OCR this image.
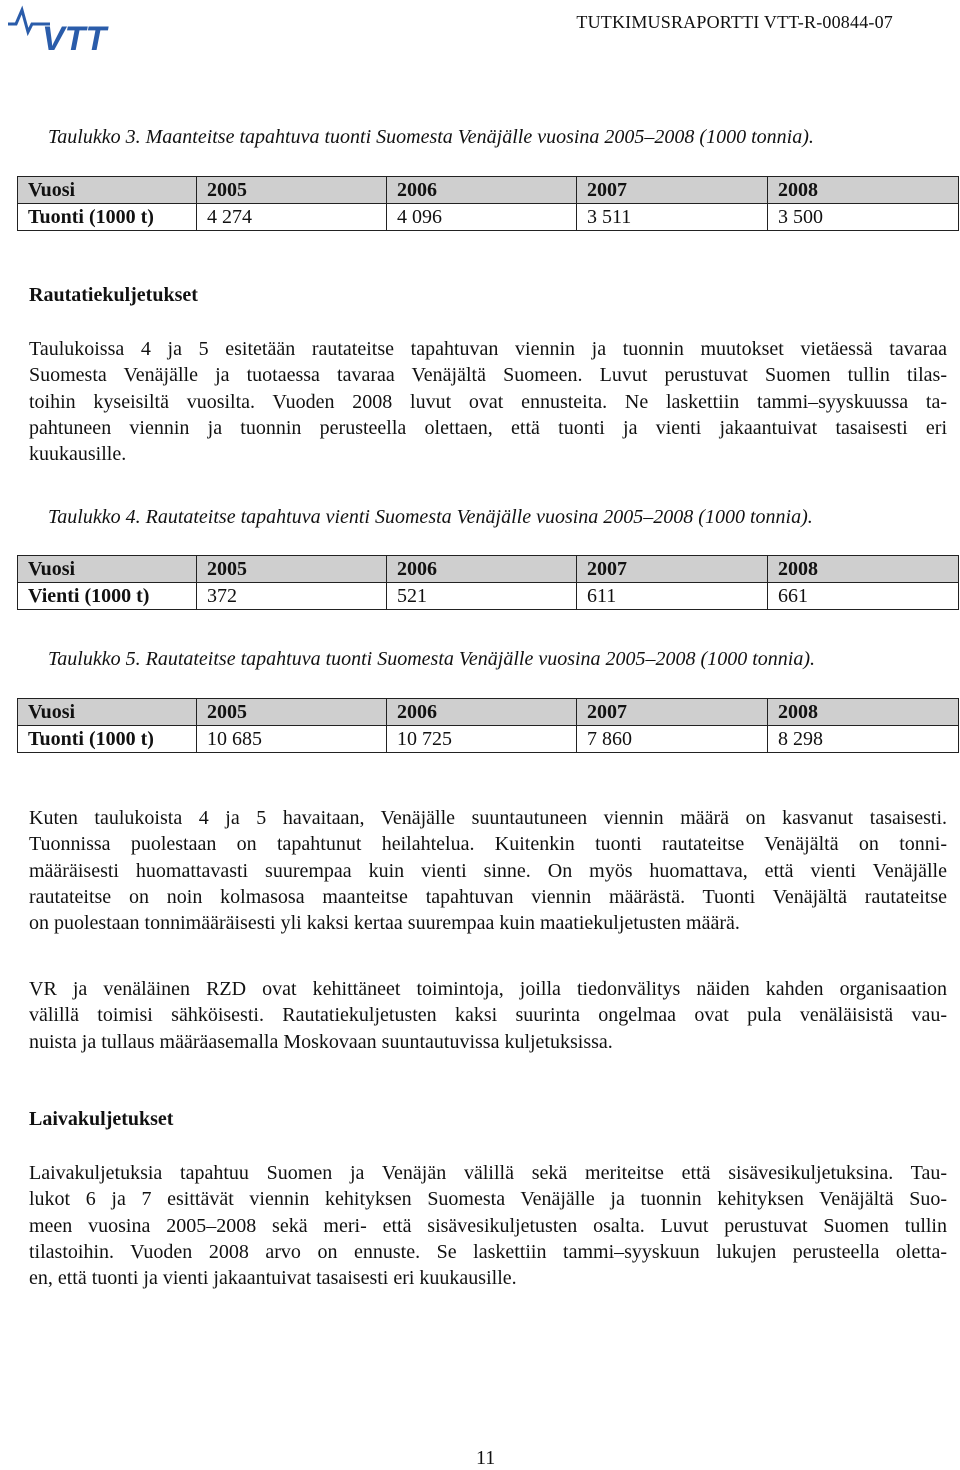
VTT	TUTKIMUSRAPORTTI VTT-R-00844-07
Taulukko 3. Maanteitse tapahtuva tuonti Suomesta Venäjälle vuosina 2005–2008 (1000 tonnia).
Vuosi	2005	2006	2007	2008
Tuonti (1000 t)	4 274	4 096	3 511	3 500
Rautatiekuljetukset
Taulukoissa 4 ja 5 esitetään rautateitse tapahtuvan viennin ja tuonnin muutokset vietäessä tavaraa
Suomesta Venäjälle ja tuotaessa tavaraa Venäjältä Suomeen. Luvut perustuvat Suomen tullin tilas-
toihin kyseisiltä vuosilta. Vuoden 2008 luvut ovat ennusteita. Ne laskettiin tammi–syyskuussa ta-
pahtuneen viennin ja tuonnin perusteella olettaen, että tuonti ja vienti jakaantuivat tasaisesti eri
kuukausille.
Taulukko 4. Rautateitse tapahtuva vienti Suomesta Venäjälle vuosina 2005–2008 (1000 tonnia).
Vuosi	2005	2006	2007	2008
Vienti (1000 t)	372	521	611	661
Taulukko 5. Rautateitse tapahtuva tuonti Suomesta Venäjälle vuosina 2005–2008 (1000 tonnia).
Vuosi	2005	2006	2007	2008
Tuonti (1000 t)	10 685	10 725	7 860	8 298
Kuten taulukoista 4 ja 5 havaitaan, Venäjälle suuntautuneen viennin määrä on kasvanut tasaisesti.
Tuonnissa puolestaan on tapahtunut heilahtelua. Kuitenkin tuonti rautateitse Venäjältä on tonni-
määräisesti huomattavasti suurempaa kuin vienti sinne. On myös huomattava, että vienti Venäjälle
rautateitse on noin kolmasosa maanteitse tapahtuvan viennin määrästä. Tuonti Venäjältä rautateitse
on puolestaan tonnimääräisesti yli kaksi kertaa suurempaa kuin maatiekuljetusten määrä.
VR ja venäläinen RZD ovat kehittäneet toimintoja, joilla tiedonvälitys näiden kahden organisaation
välillä toimisi sähköisesti. Rautatiekuljetusten kaksi suurinta ongelmaa ovat pula venäläisistä vau-
nuista ja tullaus määräasemalla Moskovaan suuntautuvissa kuljetuksissa.
Laivakuljetukset
Laivakuljetuksia tapahtuu Suomen ja Venäjän välillä sekä meriteitse että sisävesikuljetuksina. Tau-
lukot 6 ja 7 esittävät viennin kehityksen Suomesta Venäjälle ja tuonnin kehityksen Venäjältä Suo-
meen vuosina 2005–2008 sekä meri- että sisävesikuljetusten osalta. Luvut perustuvat Suomen tullin
tilastoihin. Vuoden 2008 arvo on ennuste. Se laskettiin tammi–syyskuun lukujen perusteella oletta-
en, että tuonti ja vienti jakaantuivat tasaisesti eri kuukausille.
11
